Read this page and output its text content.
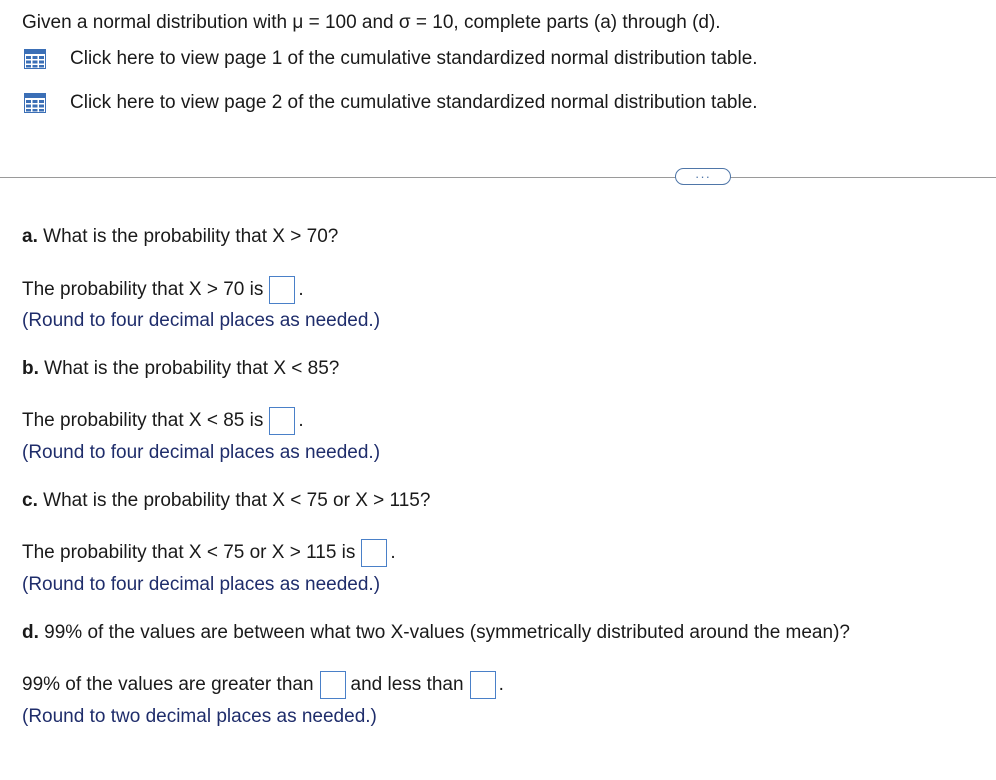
Given a normal distribution with μ = 100 and σ = 10, complete parts (a) through (d).
Click here to view page 1 of the cumulative standardized normal distribution table.
Click here to view page 2 of the cumulative standardized normal distribution table.
···
a. What is the probability that X > 70?
The probability that X > 70 is .
(Round to four decimal places as needed.)
b. What is the probability that X < 85?
The probability that X < 85 is .
(Round to four decimal places as needed.)
c. What is the probability that X < 75 or X > 115?
The probability that X < 75 or X > 115 is .
(Round to four decimal places as needed.)
d. 99% of the values are between what two X-values (symmetrically distributed around the mean)?
99% of the values are greater than and less than .
(Round to two decimal places as needed.)
